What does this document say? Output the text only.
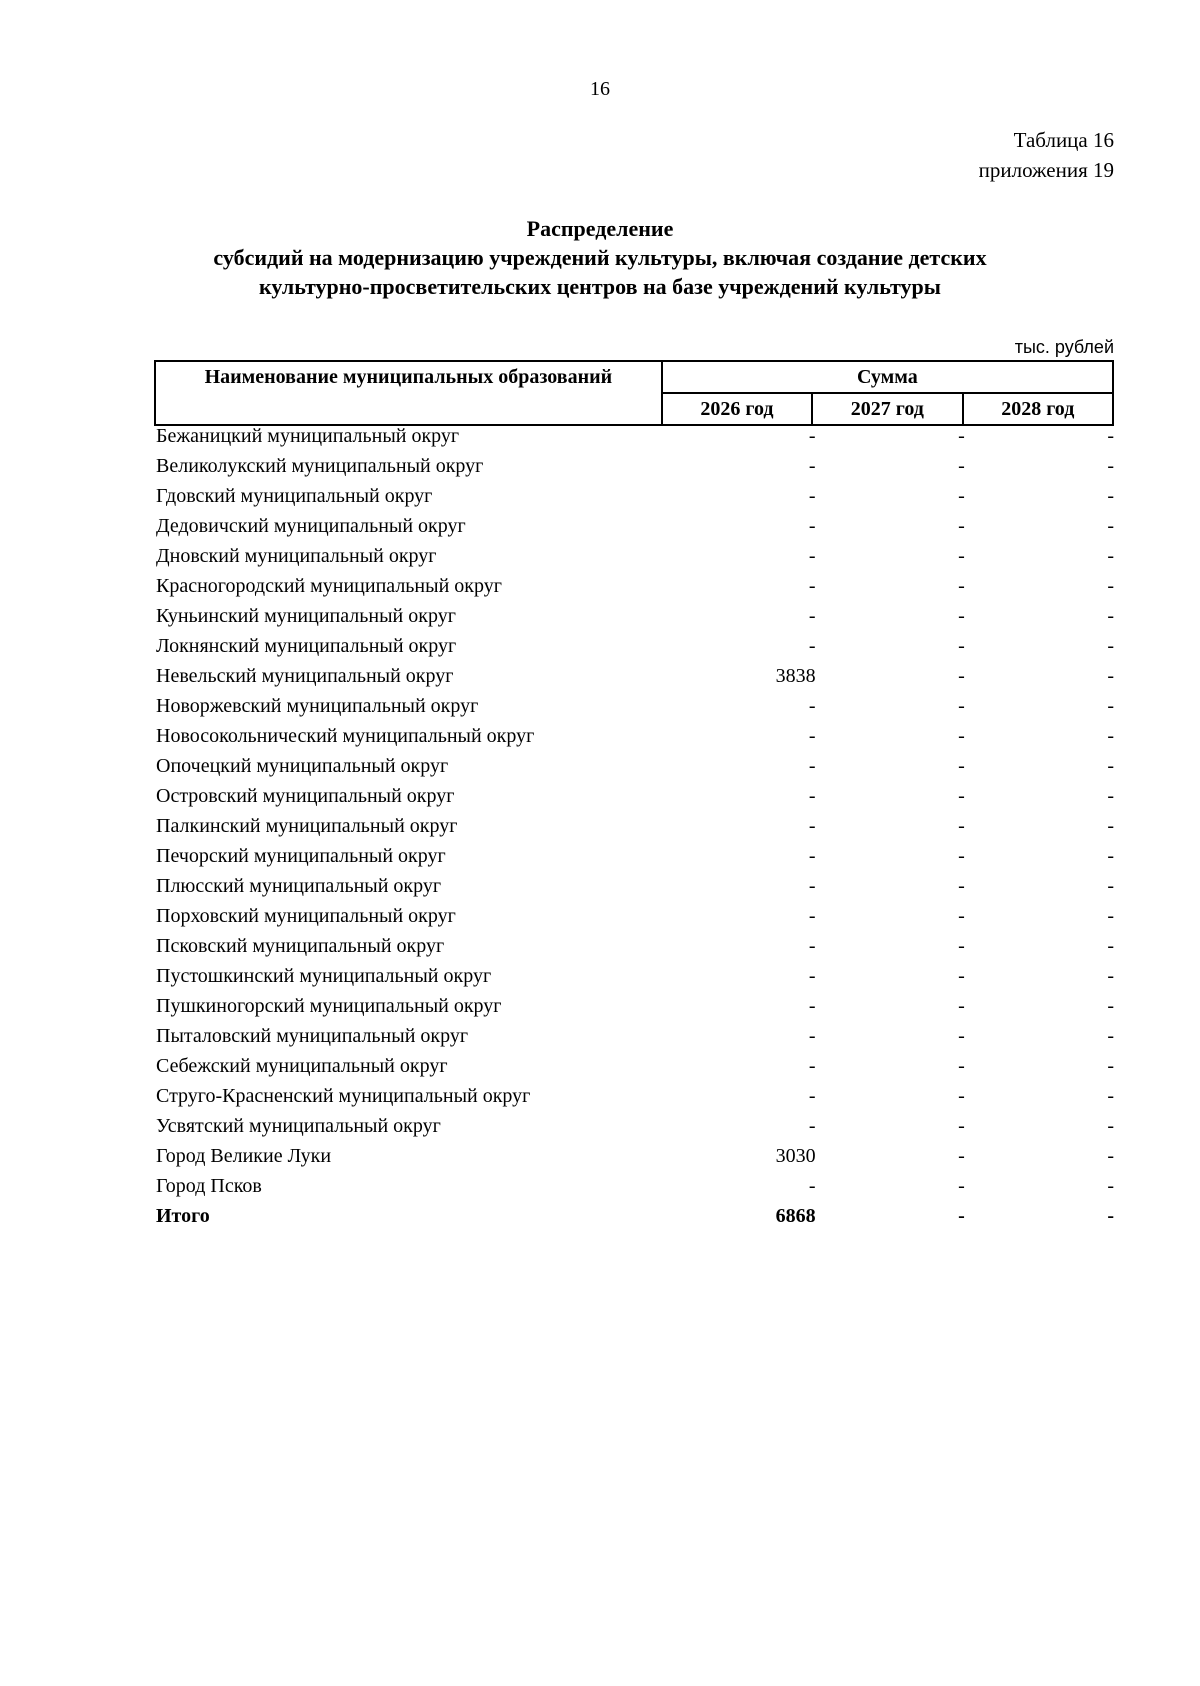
16
Таблица 16
приложения 19
Распределение
субсидий на модернизацию учреждений культуры, включая создание детских
культурно-просветительских центров на базе учреждений культуры
тыс. рублей
Наименование муниципальных образований	Сумма		
	2026 год	2027 год	2028 год
Бежаницкий муниципальный округ	-	-	-
Великолукский муниципальный округ	-	-	-
Гдовский муниципальный округ	-	-	-
Дедовичский муниципальный округ	-	-	-
Дновский муниципальный округ	-	-	-
Красногородский муниципальный округ	-	-	-
Куньинский муниципальный округ	-	-	-
Локнянский муниципальный округ	-	-	-
Невельский муниципальный округ	3838	-	-
Новоржевский муниципальный округ	-	-	-
Новосокольнический муниципальный округ	-	-	-
Опочецкий муниципальный округ	-	-	-
Островский муниципальный округ	-	-	-
Палкинский муниципальный округ	-	-	-
Печорский муниципальный округ	-	-	-
Плюсский муниципальный округ	-	-	-
Порховский муниципальный округ	-	-	-
Псковский муниципальный округ	-	-	-
Пустошкинский муниципальный округ	-	-	-
Пушкиногорский муниципальный округ	-	-	-
Пыталовский муниципальный округ	-	-	-
Себежский муниципальный округ	-	-	-
Струго-Красненский муниципальный округ	-	-	-
Усвятский муниципальный округ	-	-	-
Город Великие Луки	3030	-	-
Город Псков	-	-	-
Итого	6868	-	-
